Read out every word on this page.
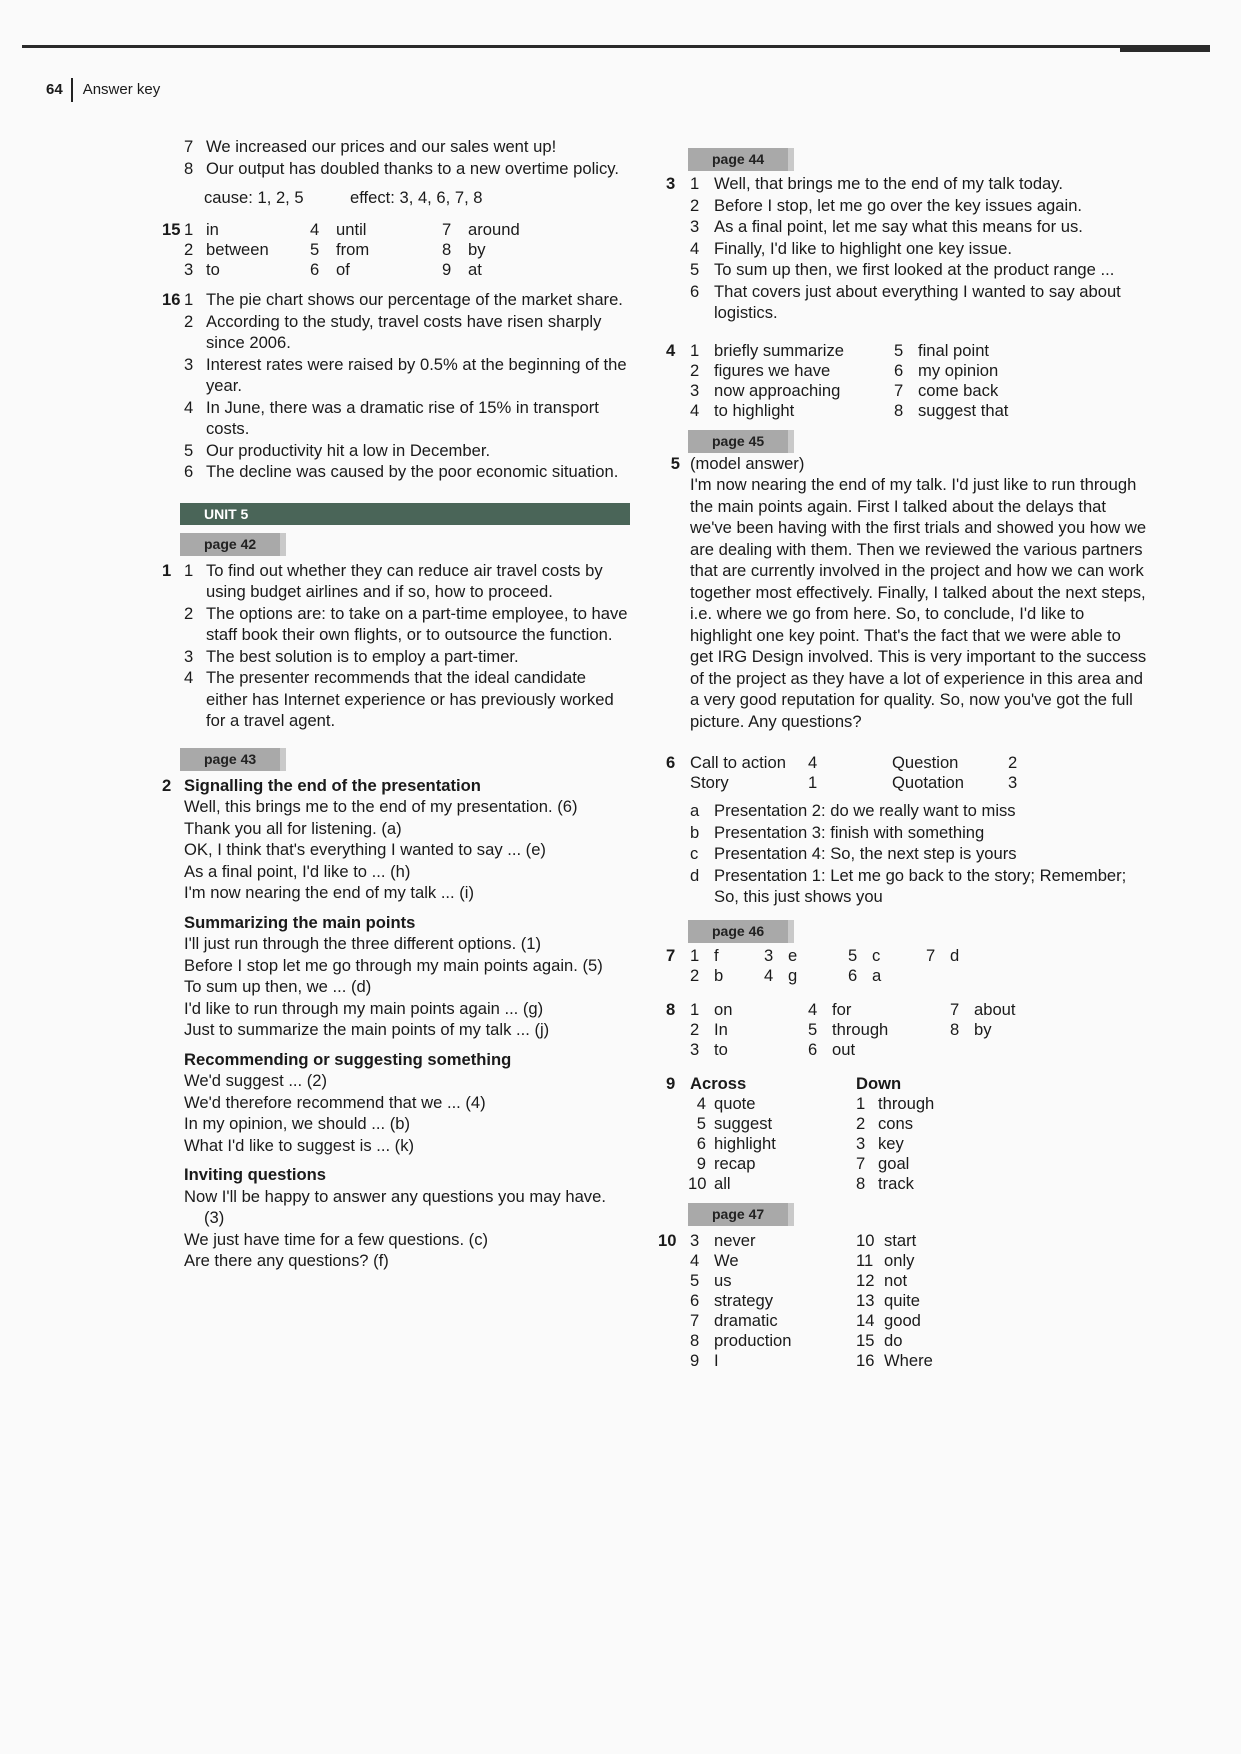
64 Answer key
7 We increased our prices and our sales went up!
8 Our output has doubled thanks to a new overtime policy.
cause: 1, 2, 5	effect: 3, 4, 6, 7, 8
15 1 in	4 until	7 around
2 between 5 from	8 by
3 to	6 of	9 at
16 1 The pie chart shows our percentage of the market share.
2 According to the study, travel costs have risen sharply since 2006.
3 Interest rates were raised by 0.5% at the beginning of the year.
4 In June, there was a dramatic rise of 15% in transport costs.
5 Our productivity hit a low in December.
6 The decline was caused by the poor economic situation.
UNIT 5
page 42
1 1 To find out whether they can reduce air travel costs by using budget airlines and if so, how to proceed.
2 The options are: to take on a part-time employee, to have staff book their own flights, or to outsource the function.
3 The best solution is to employ a part-timer.
4 The presenter recommends that the ideal candidate either has Internet experience or has previously worked for a travel agent.
page 43
2 Signalling the end of the presentation
Well, this brings me to the end of my presentation. (6)
Thank you all for listening. (a)
OK, I think that's everything I wanted to say ... (e)
As a final point, I'd like to ... (h)
I'm now nearing the end of my talk ... (i)
Summarizing the main points
I'll just run through the three different options. (1)
Before I stop let me go through my main points again. (5)
To sum up then, we ... (d)
I'd like to run through my main points again ... (g)
Just to summarize the main points of my talk ... (j)
Recommending or suggesting something
We'd suggest ... (2)
We'd therefore recommend that we ... (4)
In my opinion, we should ... (b)
What I'd like to suggest is ... (k)
Inviting questions
Now I'll be happy to answer any questions you may have. (3)
We just have time for a few questions. (c)
Are there any questions? (f)
page 44
3 1 Well, that brings me to the end of my talk today.
2 Before I stop, let me go over the key issues again.
3 As a final point, let me say what this means for us.
4 Finally, I'd like to highlight one key issue.
5 To sum up then, we first looked at the product range ...
6 That covers just about everything I wanted to say about logistics.
4 1 briefly summarize	5 final point
2 figures we have	6 my opinion
3 now approaching	7 come back
4 to highlight	8 suggest that
page 45
5 (model answer)
I'm now nearing the end of my talk. I'd just like to run through the main points again. First I talked about the delays that we've been having with the first trials and showed you how we are dealing with them. Then we reviewed the various partners that are currently involved in the project and how we can work together most effectively. Finally, I talked about the next steps, i.e. where we go from here. So, to conclude, I'd like to highlight one key point. That's the fact that we were able to get IRG Design involved. This is very important to the success of the project as they have a lot of experience in this area and a very good reputation for quality. So, now you've got the full picture. Any questions?
6 Call to action 4	Question	2
Story	1	Quotation	3
a Presentation 2: do we really want to miss
b Presentation 3: finish with something
c Presentation 4: So, the next step is yours
d Presentation 1: Let me go back to the story; Remember; So, this just shows you
page 46
7 1 f	3 e	5 c	7 d
2 b 4 g	6 a
8 1 on	4 for	7 about
2 In	5 through	8 by
3 to	6 out
9 Across	Down
4 quote	1 through
5 suggest	2 cons
6 highlight	3 key
9 recap	7 goal
10 all	8 track
page 47
10 3 never	10 start
4 We	11 only
5 us	12 not
6 strategy	13 quite
7 dramatic	14 good
8 production	15 do
9 I	16 Where
